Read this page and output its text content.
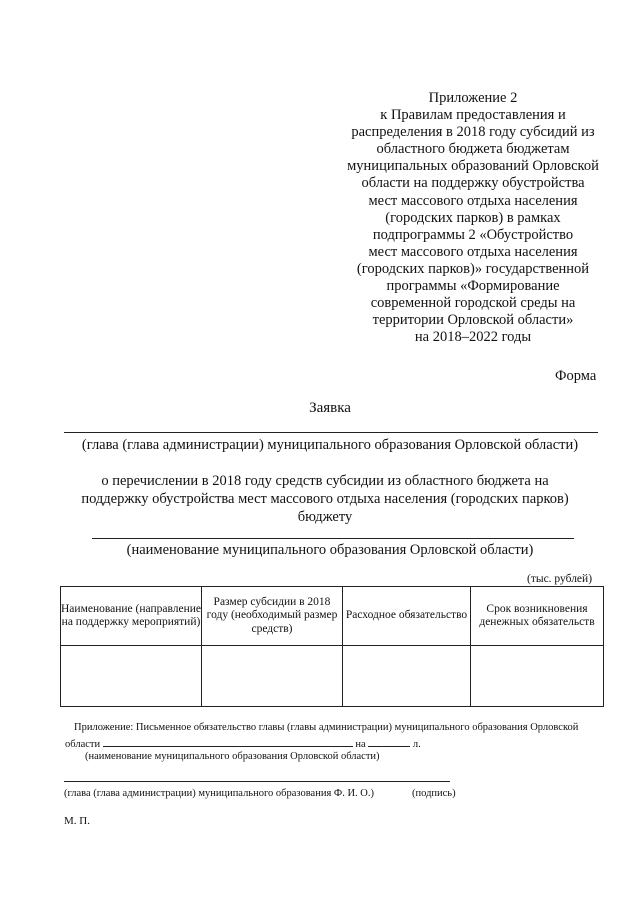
Приложение 2
к Правилам предоставления и
распределения в 2018 году субсидий из
областного бюджета бюджетам
муниципальных образований Орловской
области на поддержку обустройства
мест массового отдыха населения
(городских парков) в рамках
подпрограммы 2 «Обустройство
мест массового отдыха населения
(городских парков)» государственной
программы «Формирование
современной городской среды на
территории Орловской области»
на 2018–2022 годы
Форма
Заявка
(глава (глава администрации) муниципального образования Орловской области)
о перечислении в 2018 году средств субсидии из областного бюджета на
поддержку обустройства мест массового отдыха населения (городских парков)
бюджету
(наименование муниципального образования Орловской области)
(тыс. рублей)
Наименование (направление на поддержку мероприятий)	Размер субсидии в 2018 году (необходимый размер средств)	Расходное обязательство	Срок возникновения денежных обязательств

Приложение: Письменное обязательство главы (главы администрации) муниципального образования Орловской
области	на	л.
(наименование муниципального образования Орловской области)
(глава (глава администрации) муниципального образования Ф. И. О.)	(подпись)
М. П.
